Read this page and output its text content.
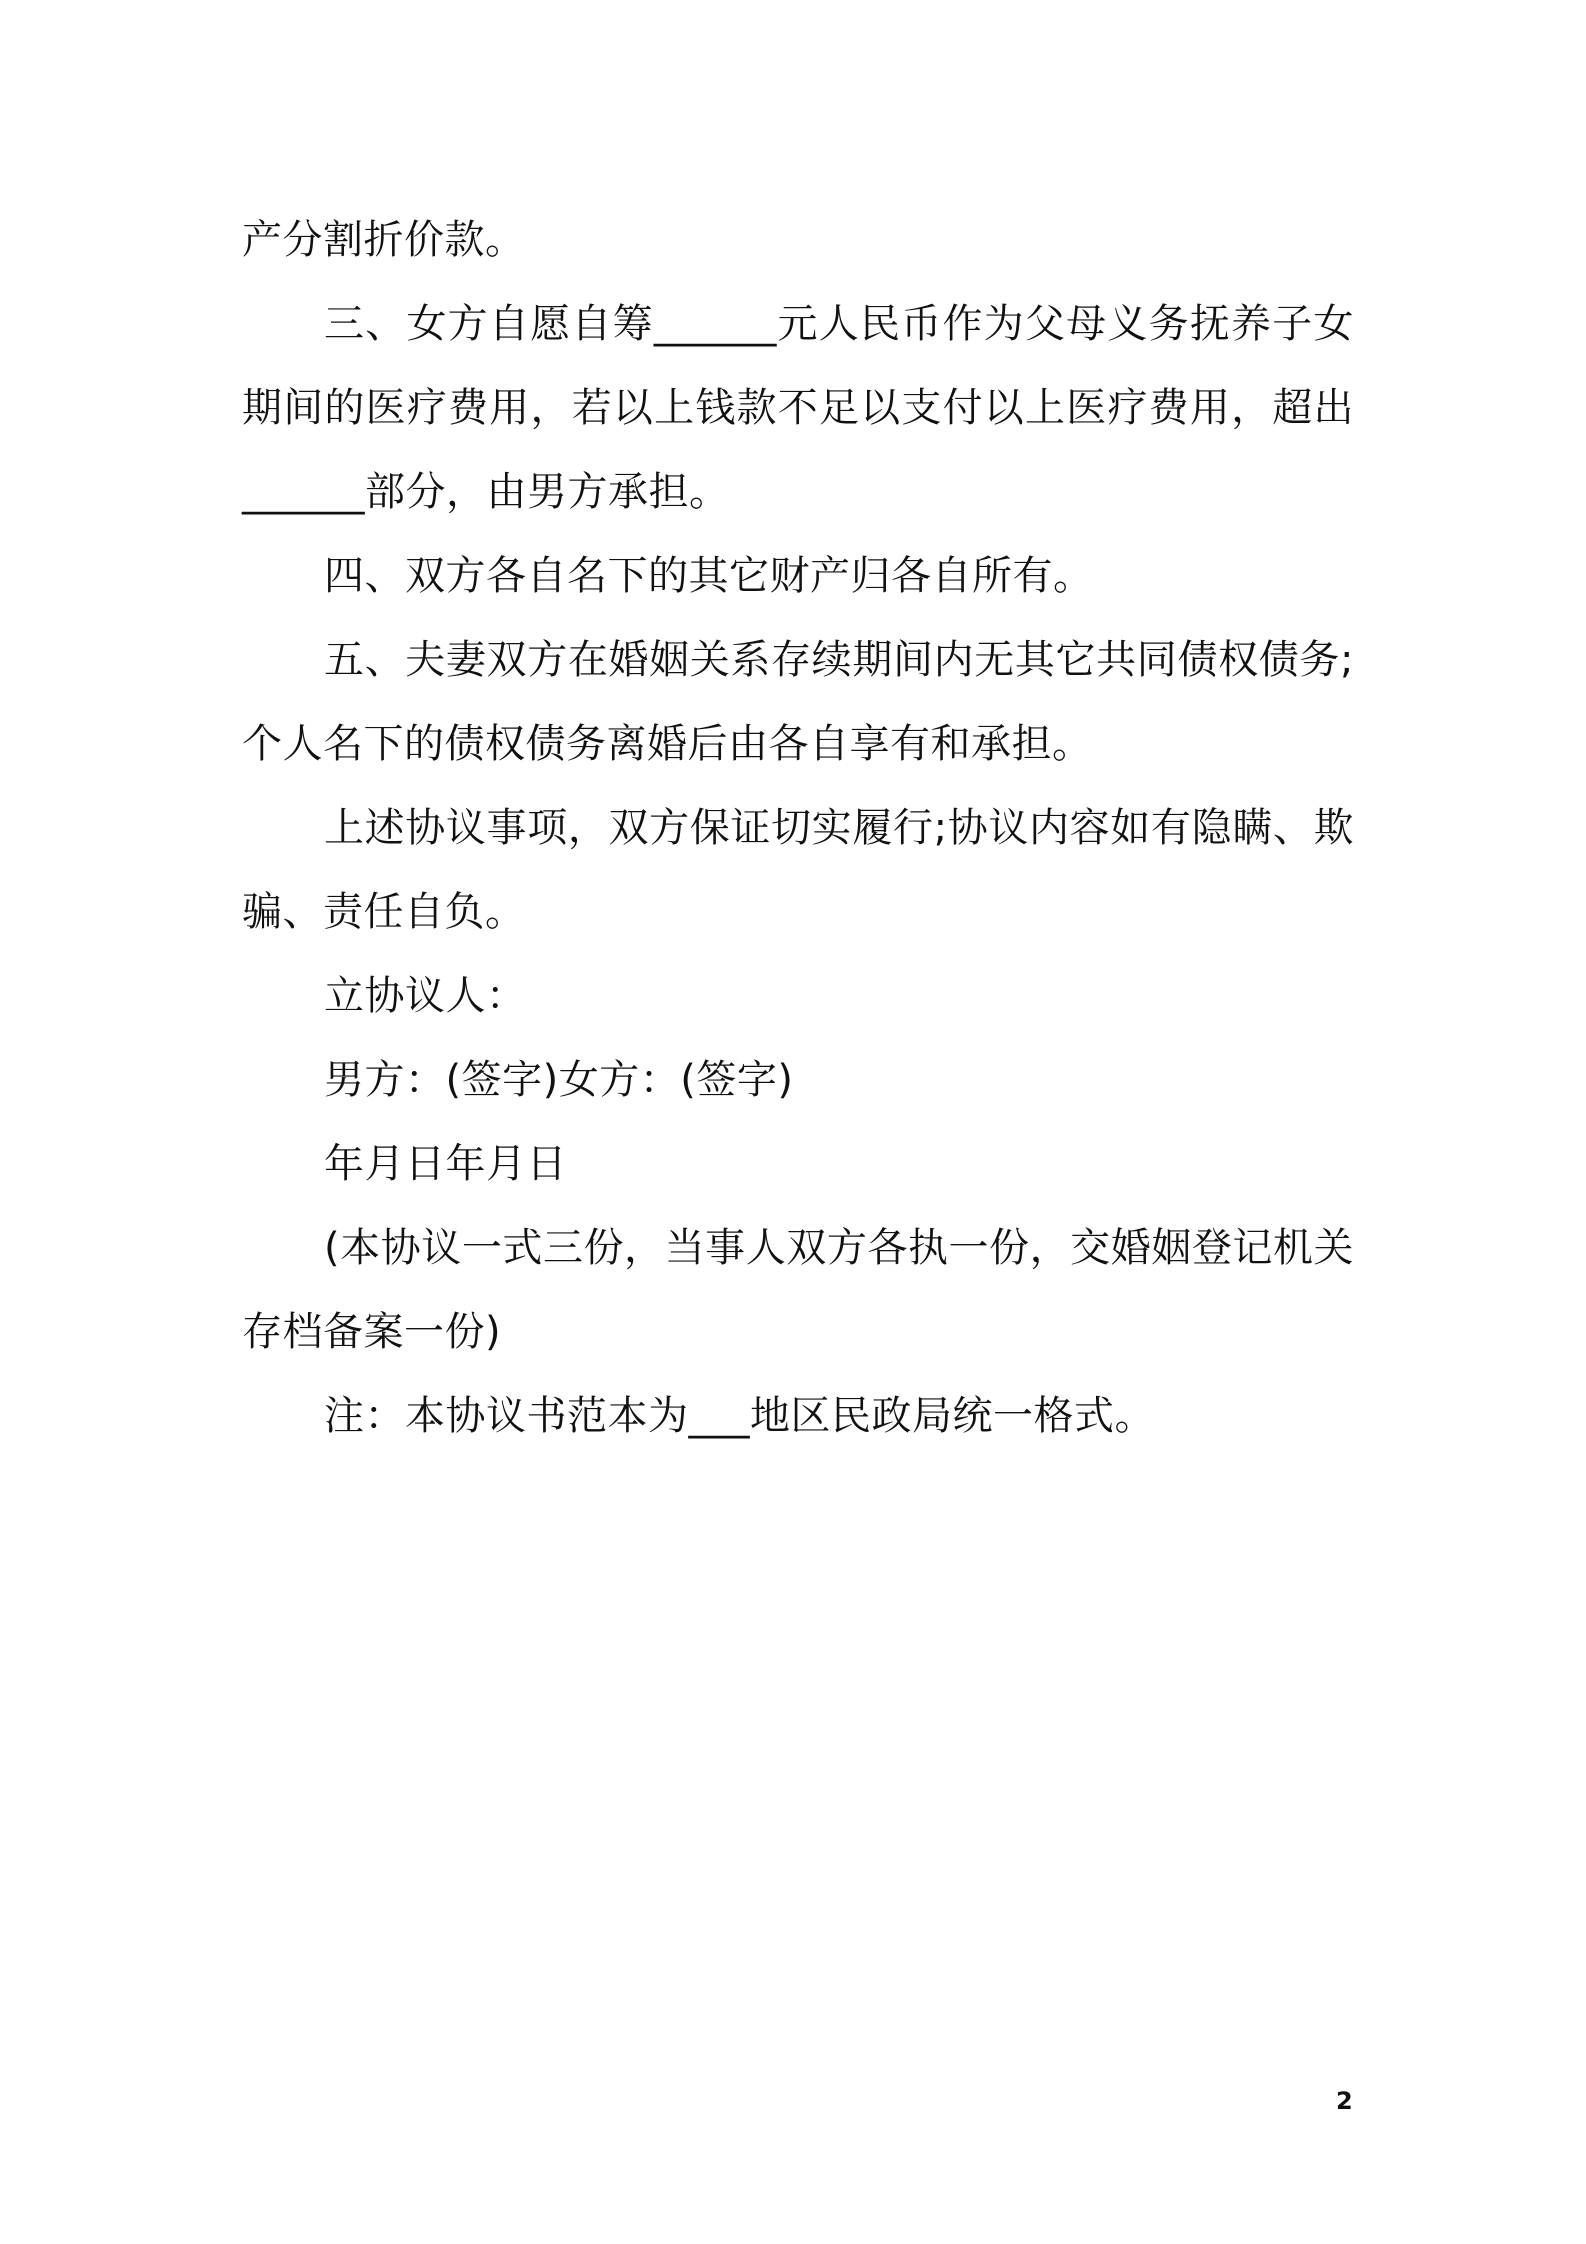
产分割折价款。

三、女方自愿自筹______元人民币作为父母义务抚养子女期间的医疗费用，若以上钱款不足以支付以上医疗费用，超出______部分，由男方承担。

四、双方各自名下的其它财产归各自所有。

五、夫妻双方在婚姻关系存续期间内无其它共同债权债务;个人名下的债权债务离婚后由各自享有和承担。

上述协议事项，双方保证切实履行;协议内容如有隐瞒、欺骗、责任自负。

立协议人：

男方：(签字)女方：(签字)

年月日年月日

(本协议一式三份，当事人双方各执一份，交婚姻登记机关存档备案一份)

注：本协议书范本为___地区民政局统一格式。

2
